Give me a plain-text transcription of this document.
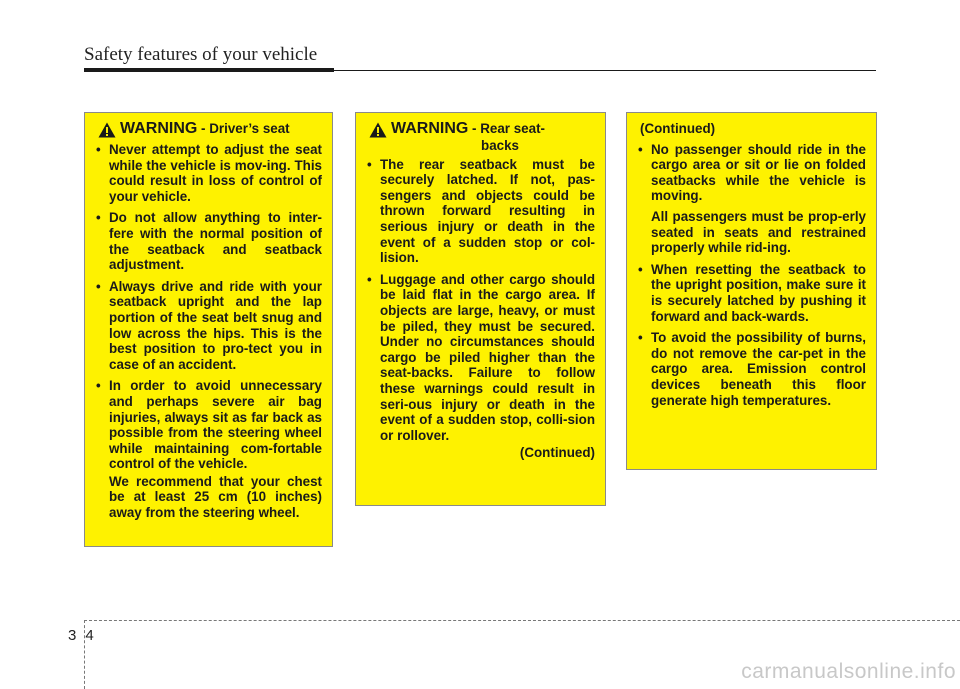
Safety features of your vehicle
WARNING - Driver’s seat
• Never attempt to adjust the seat while the vehicle is mov-ing. This could result in loss of control of your vehicle.
• Do not allow anything to inter-fere with the normal position of the seatback and seatback adjustment.
• Always drive and ride with your seatback upright and the lap portion of the seat belt snug and low across the hips. This is the best position to pro-tect you in case of an accident.
• In order to avoid unnecessary and perhaps severe air bag injuries, always sit as far back as possible from the steering wheel while maintaining com-fortable control of the vehicle.
We recommend that your chest be at least 25 cm (10 inches) away from the steering wheel.
WARNING - Rear seat-
backs
• The rear seatback must be securely latched. If not, pas-sengers and objects could be thrown forward resulting in serious injury or death in the event of a sudden stop or col-lision.
• Luggage and other cargo should be laid flat in the cargo area. If objects are large, heavy, or must be piled, they must be secured. Under no circumstances should cargo be piled higher than the seat-backs. Failure to follow these warnings could result in seri-ous injury or death in the event of a sudden stop, colli-sion or rollover.
(Continued)
(Continued)
• No passenger should ride in the cargo area or sit or lie on folded seatbacks while the vehicle is moving.
All passengers must be prop-erly seated in seats and restrained properly while rid-ing.
• When resetting the seatback to the upright position, make sure it is securely latched by pushing it forward and back-wards.
• To avoid the possibility of burns, do not remove the car-pet in the cargo area. Emission control devices beneath this floor generate high temperatures.
34
carmanualsonline.info
